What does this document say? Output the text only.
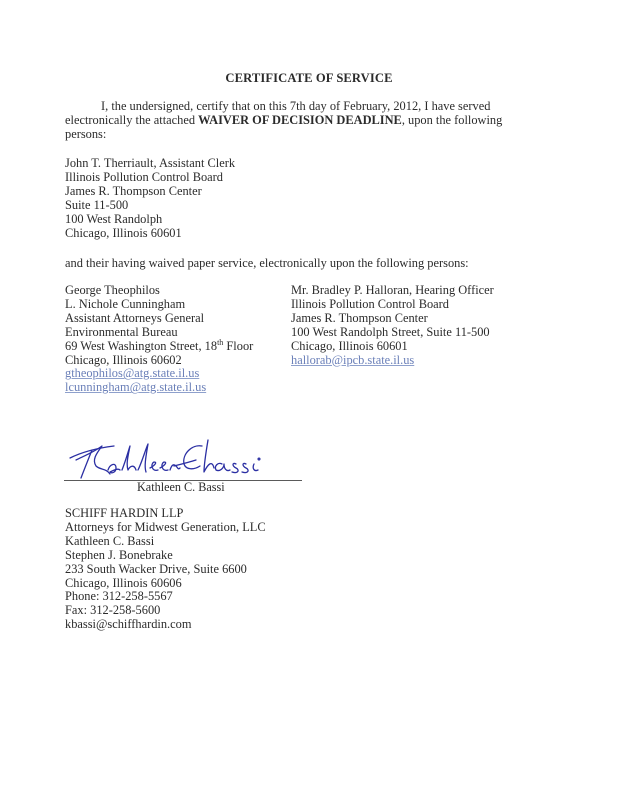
CERTIFICATE OF SERVICE

I, the undersigned, certify that on this 7th day of February, 2012, I have served electronically the attached WAIVER OF DECISION DEADLINE, upon the following persons:

John T. Therriault, Assistant Clerk
Illinois Pollution Control Board
James R. Thompson Center
Suite 11-500
100 West Randolph
Chicago, Illinois 60601
and their having waived paper service, electronically upon the following persons:
George Theophilos
L. Nichole Cunningham
Assistant Attorneys General
Environmental Bureau
69 West Washington Street, 18th Floor
Chicago, Illinois 60602
gtheophilos@atg.state.il.us
lcunningham@atg.state.il.us
Mr. Bradley P. Halloran, Hearing Officer
Illinois Pollution Control Board
James R. Thompson Center
100 West Randolph Street, Suite 11-500
Chicago, Illinois 60601
hallorab@ipcb.state.il.us
Kathleen C. Bassi
SCHIFF HARDIN LLP
Attorneys for Midwest Generation, LLC
Kathleen C. Bassi
Stephen J. Bonebrake
233 South Wacker Drive, Suite 6600
Chicago, Illinois 60606
Phone: 312-258-5567
Fax: 312-258-5600
kbassi@schiffhardin.com
